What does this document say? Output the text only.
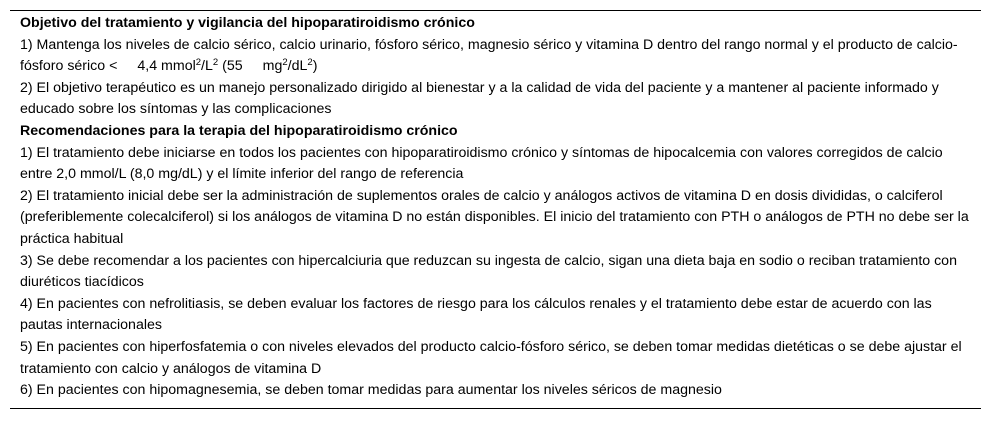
Objetivo del tratamiento y vigilancia del hipoparatiroidismo crónico
1) Mantenga los niveles de calcio sérico, calcio urinario, fósforo sérico, magnesio sérico y vitamina D dentro del rango normal y el producto de calcio-fósforo sérico < 4,4 $mmol^2/L^2$ (55 $mg^2/dL^2$)
2) El objetivo terapéutico es un manejo personalizado dirigido al bienestar y a la calidad de vida del paciente y a mantener al paciente informado y educado sobre los síntomas y las complicaciones
Recomendaciones para la terapia del hipoparatiroidismo crónico
1) El tratamiento debe iniciarse en todos los pacientes con hipoparatiroidismo crónico y síntomas de hipocalcemia con valores corregidos de calcio entre 2,0 mmol/L (8,0 mg/dL) y el límite inferior del rango de referencia
2) El tratamiento inicial debe ser la administración de suplementos orales de calcio y análogos activos de vitamina D en dosis divididas, o calciferol (preferiblemente colecalciferol) si los análogos de vitamina D no están disponibles. El inicio del tratamiento con PTH o análogos de PTH no debe ser la práctica habitual
3) Se debe recomendar a los pacientes con hipercalciuria que reduzcan su ingesta de calcio, sigan una dieta baja en sodio o reciban tratamiento con diuréticos tiacídicos
4) En pacientes con nefrolitiasis, se deben evaluar los factores de riesgo para los cálculos renales y el tratamiento debe estar de acuerdo con las pautas internacionales
5) En pacientes con hiperfosfatemia o con niveles elevados del producto calcio-fósforo sérico, se deben tomar medidas dietéticas o se debe ajustar el tratamiento con calcio y análogos de vitamina D
6) En pacientes con hipomagnesemia, se deben tomar medidas para aumentar los niveles séricos de magnesio
